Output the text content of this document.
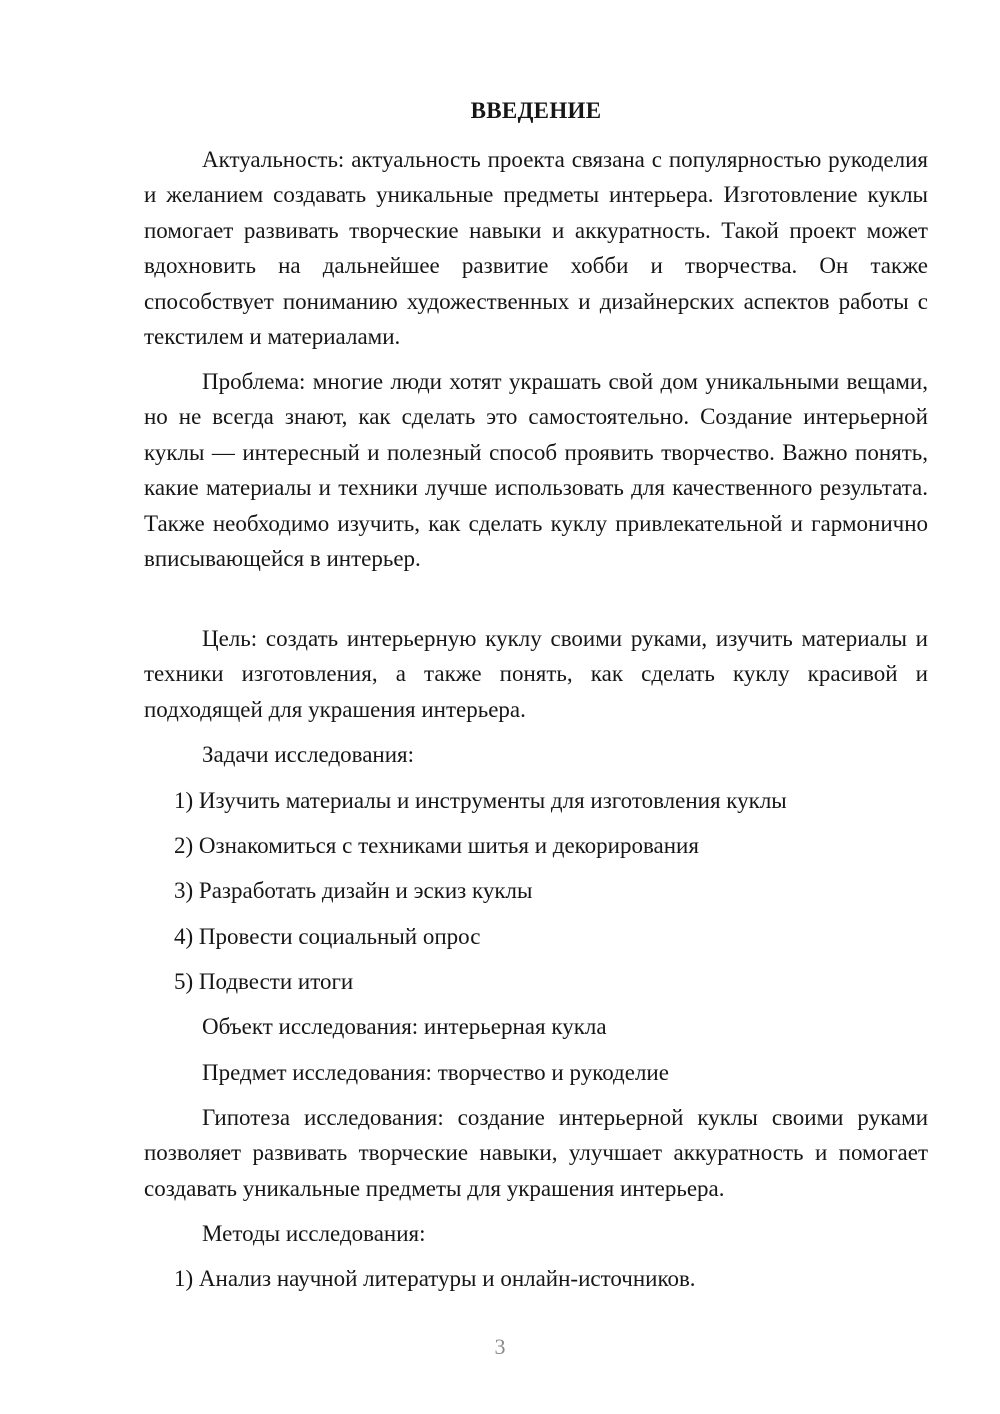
ВВЕДЕНИЕ

Актуальность: актуальность проекта связана с популярностью рукоделия и желанием создавать уникальные предметы интерьера. Изготовление куклы помогает развивать творческие навыки и аккуратность. Такой проект может вдохновить на дальнейшее развитие хобби и творчества. Он также способствует пониманию художественных и дизайнерских аспектов работы с текстилем и материалами.

Проблема: многие люди хотят украшать свой дом уникальными вещами, но не всегда знают, как сделать это самостоятельно. Создание интерьерной куклы — интересный и полезный способ проявить творчество. Важно понять, какие материалы и техники лучше использовать для качественного результата. Также необходимо изучить, как сделать куклу привлекательной и гармонично вписывающейся в интерьер.

Цель: создать интерьерную куклу своими руками, изучить материалы и техники изготовления, а также понять, как сделать куклу красивой и подходящей для украшения интерьера.

Задачи исследования:

1) Изучить материалы и инструменты для изготовления куклы

2) Ознакомиться с техниками шитья и декорирования

3) Разработать дизайн и эскиз куклы

4) Провести социальный опрос

5) Подвести итоги

Объект исследования: интерьерная кукла

Предмет исследования: творчество и рукоделие

Гипотеза исследования: создание интерьерной куклы своими руками позволяет развивать творческие навыки, улучшает аккуратность и помогает создавать уникальные предметы для украшения интерьера.

Методы исследования:

1) Анализ научной литературы и онлайн-источников.

3
